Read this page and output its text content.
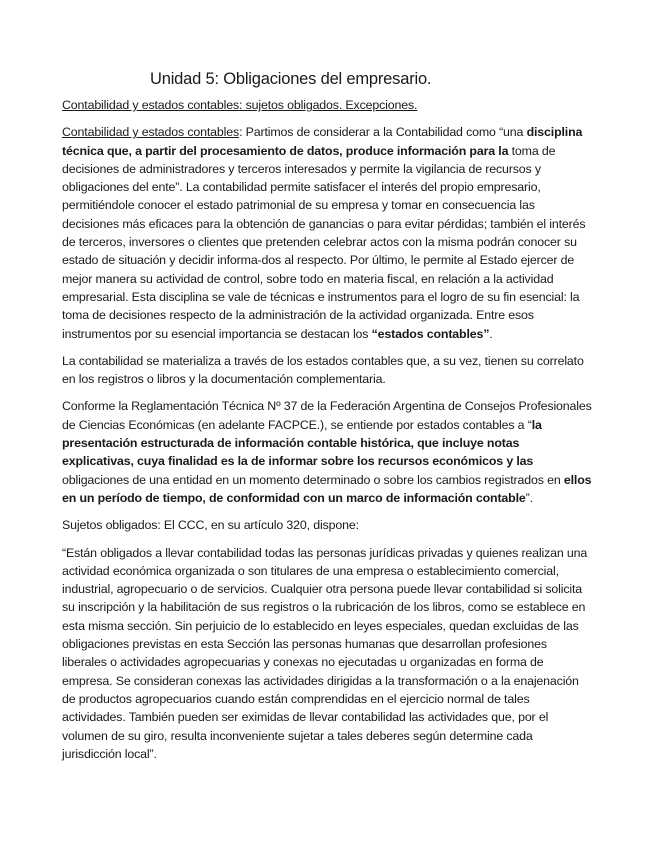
Unidad 5: Obligaciones del empresario.
Contabilidad y estados contables: sujetos obligados. Excepciones.

Contabilidad y estados contables: Partimos de considerar a la Contabilidad como “una disciplina técnica que, a partir del procesamiento de datos, produce información para la toma de decisiones de administradores y terceros interesados y permite la vigilancia de recursos y obligaciones del ente”. La contabilidad permite satisfacer el interés del propio empresario, permitiéndole conocer el estado patrimonial de su empresa y tomar en consecuencia las decisiones más eficaces para la obtención de ganancias o para evitar pérdidas; también el interés de terceros, inversores o clientes que pretenden celebrar actos con la misma podrán conocer su estado de situación y decidir informa-dos al respecto. Por último, le permite al Estado ejercer de mejor manera su actividad de control, sobre todo en materia fiscal, en relación a la actividad empresarial. Esta disciplina se vale de técnicas e instrumentos para el logro de su fin esencial: la toma de decisiones respecto de la administración de la actividad organizada. Entre esos instrumentos por su esencial importancia se destacan los “estados contables”.

La contabilidad se materializa a través de los estados contables que, a su vez, tienen su correlato en los registros o libros y la documentación complementaria.

Conforme la Reglamentación Técnica Nº 37 de la Federación Argentina de Consejos Profesionales de Ciencias Económicas (en adelante FACPCE.), se entiende por estados contables a “la presentación estructurada de información contable histórica, que incluye notas explicativas, cuya finalidad es la de informar sobre los recursos económicos y las obligaciones de una entidad en un momento determinado o sobre los cambios registrados en ellos en un período de tiempo, de conformidad con un marco de información contable”.

Sujetos obligados: El CCC, en su artículo 320, dispone:

“Están obligados a llevar contabilidad todas las personas jurídicas privadas y quienes realizan una actividad económica organizada o son titulares de una empresa o establecimiento comercial, industrial, agropecuario o de servicios. Cualquier otra persona puede llevar contabilidad si solicita su inscripción y la habilitación de sus registros o la rubricación de los libros, como se establece en esta misma sección. Sin perjuicio de lo establecido en leyes especiales, quedan excluidas de las obligaciones previstas en esta Sección las personas humanas que desarrollan profesiones liberales o actividades agropecuarias y conexas no ejecutadas u organizadas en forma de empresa. Se consideran conexas las actividades dirigidas a la transformación o a la enajenación de productos agropecuarios cuando están comprendidas en el ejercicio normal de tales actividades. También pueden ser eximidas de llevar contabilidad las actividades que, por el volumen de su giro, resulta inconveniente sujetar a tales deberes según determine cada jurisdicción local”.
